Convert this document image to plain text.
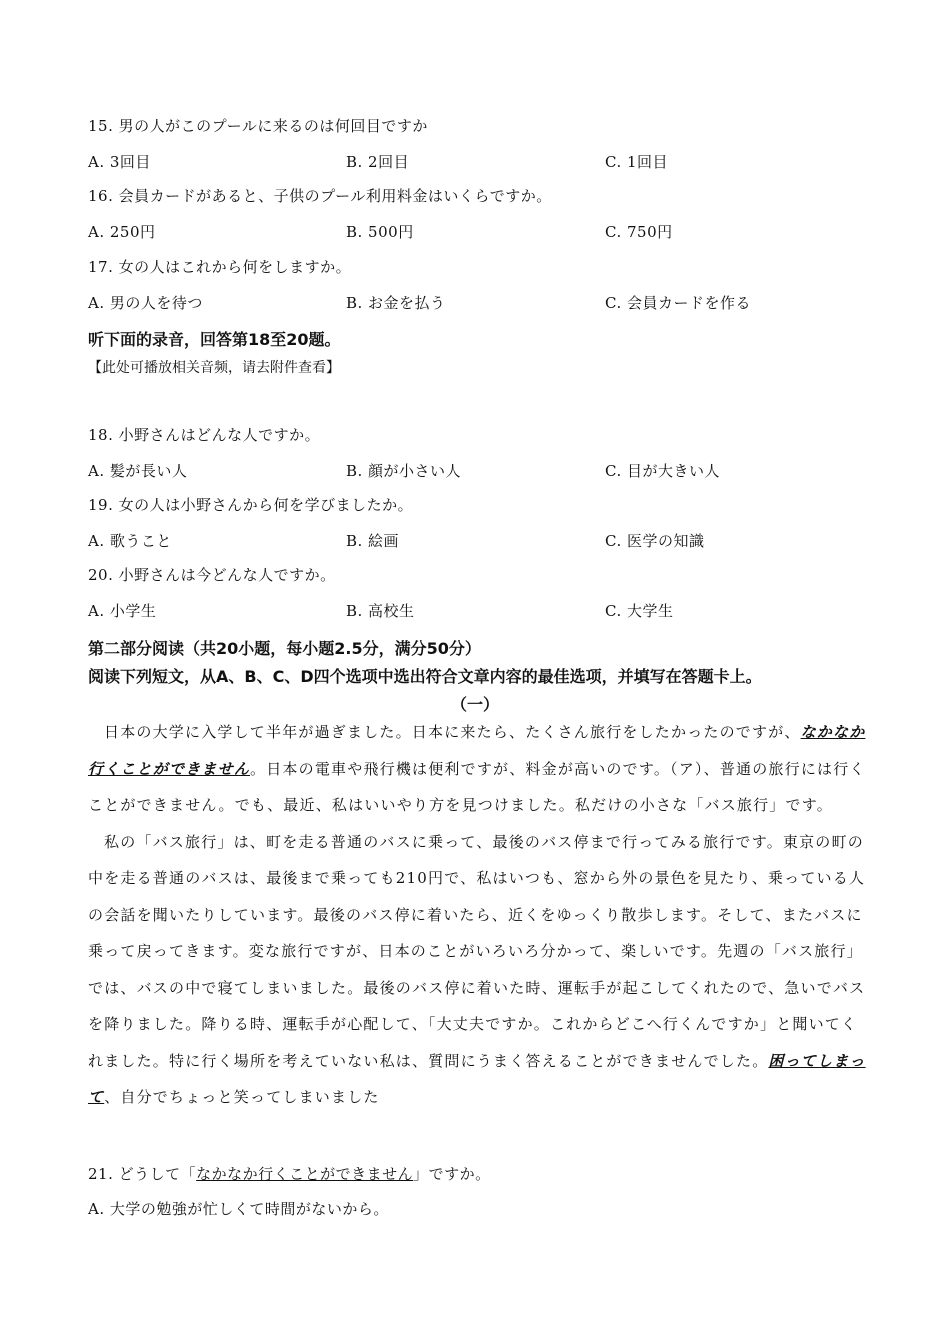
15. 男の人がこのプールに来るのは何回目ですか
A. 3回目	B. 2回目	C. 1回目
16. 会員カードがあると、子供のプール利用料金はいくらですか。
A. 250円	B. 500円	C. 750円
17. 女の人はこれから何をしますか。
A. 男の人を待つ	B. お金を払う	C. 会員カードを作る
听下面的录音，回答第18至20题。
【此处可播放相关音频，请去附件查看】
18. 小野さんはどんな人ですか。
A. 髪が長い人	B. 顔が小さい人	C. 目が大きい人
19. 女の人は小野さんから何を学びましたか。
A. 歌うこと	B. 絵画	C. 医学の知識
20. 小野さんは今どんな人ですか。
A. 小学生	B. 高校生	C. 大学生
第二部分阅读（共20小题，每小题2.5分，满分50分）
阅读下列短文，从A、B、C、D四个选项中选出符合文章内容的最佳选项，并填写在答题卡上。
（一）

日本の大学に入学して半年が過ぎました。日本に来たら、たくさん旅行をしたかったのですが、なかなか行くことができません。日本の電車や飛行機は便利ですが、料金が高いのです。（ア）、普通の旅行には行くことができません。でも、最近、私はいいやり方を見つけました。私だけの小さな「バス旅行」です。

私の「バス旅行」は、町を走る普通のバスに乗って、最後のバス停まで行ってみる旅行です。東京の町の中を走る普通のバスは、最後まで乗っても210円で、私はいつも、窓から外の景色を見たり、乗っている人の会話を聞いたりしています。最後のバス停に着いたら、近くをゆっくり散歩します。そして、またバスに乗って戻ってきます。変な旅行ですが、日本のことがいろいろ分かって、楽しいです。先週の「バス旅行」では、バスの中で寝てしまいました。最後のバス停に着いた時、運転手が起こしてくれたので、急いでバスを降りました。降りる時、運転手が心配して、「大丈夫ですか。これからどこへ行くんですか」と聞いてくれました。特に行く場所を考えていない私は、質問にうまく答えることができませんでした。困ってしまって、自分でちょっと笑ってしまいました

21. どうして「なかなか行くことができません」ですか。
A. 大学の勉強が忙しくて時間がないから。
